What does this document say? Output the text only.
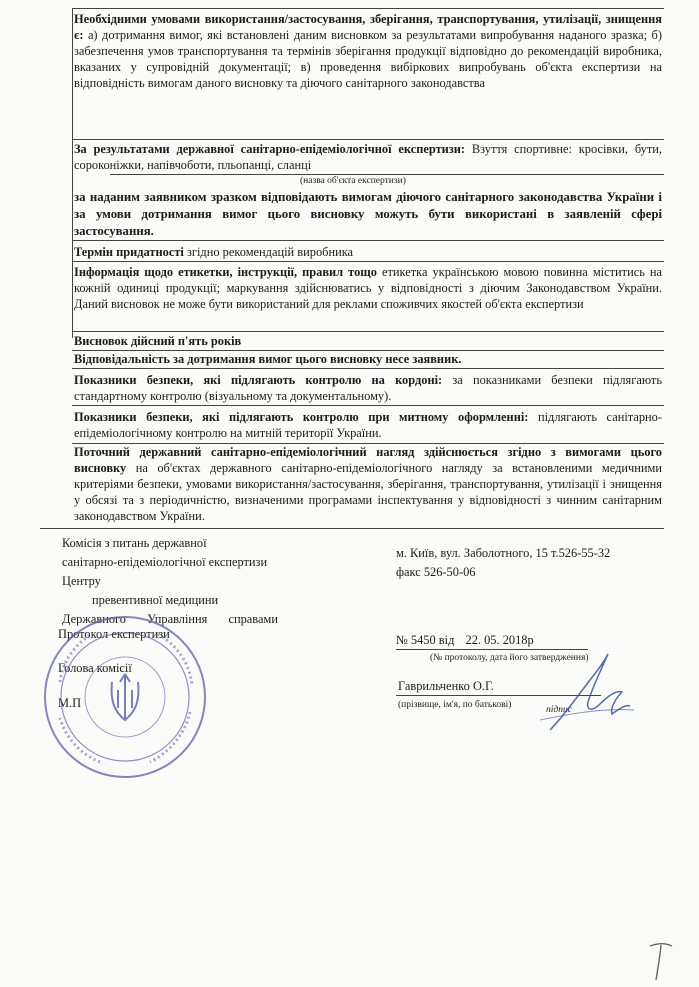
Необхідними умовами використання/застосування, зберігання, транспортування, утилізації, знищення є: а) дотримання вимог, які встановлені даним висновком за результатами випробування наданого зразка; б) забезпечення умов транспортування та термінів зберігання продукції відповідно до рекомендацій виробника, вказаних у супровідній документації; в) проведення вибіркових випробувань об'єкта експертизи на відповідність вимогам даного висновку та діючого санітарного законодавства
За результатами державної санітарно-епідеміологічної експертизи: Взуття спортивне: кросівки, бути, сороконіжки, напівчоботи, пльопанці, сланці
(назва об'єкта експертизи)
за наданим заявником зразком відповідають вимогам діючого санітарного законодавства України і за умови дотримання вимог цього висновку можуть бути використані в заявленій сфері застосування.
Термін придатності згідно рекомендацій виробника
Інформація щодо етикетки, інструкції, правил тощо етикетка українською мовою повинна міститись на кожній одиниці продукції; маркування здійснюватись у відповідності з діючим Законодавством України. Даний висновок не може бути використаний для реклами споживчих якостей об'єкта експертизи
Висновок дійсний п'ять років
Відповідальність за дотримання вимог цього висновку несе заявник.
Показники безпеки, які підлягають контролю на кордоні: за показниками безпеки підлягають стандартному контролю (візуальному та документальному).
Показники безпеки, які підлягають контролю при митному оформленні: підлягають санітарно-епідеміологічному контролю на митній території України.
Поточний державний санітарно-епідеміологічний нагляд здійснюється згідно з вимогами цього висновку на об'єктах державного санітарно-епідеміологічного нагляду за встановленими медичними критеріями безпеки, умовами використання/застосування, зберігання, транспортування, утилізації і знищення у обсязі та з періодичністю, визначеними програмами інспектування у відповідності з чинним санітарним законодавством України.
Комісія з питань державної
санітарно-епідеміологічної експертизи Центру
превентивної медицини
Державного Управління справами
м. Київ, вул. Заболотного, 15 т.526-55-32
факс 526-50-06
Протокол експертизи	№ 5450 від 22. 05. 2018р
(№ протоколу, дата його затвердження)
Голова комісії
Гаврильченко О.Г.
(прізвище, ім'я, по батькові)	підпис
М.П
